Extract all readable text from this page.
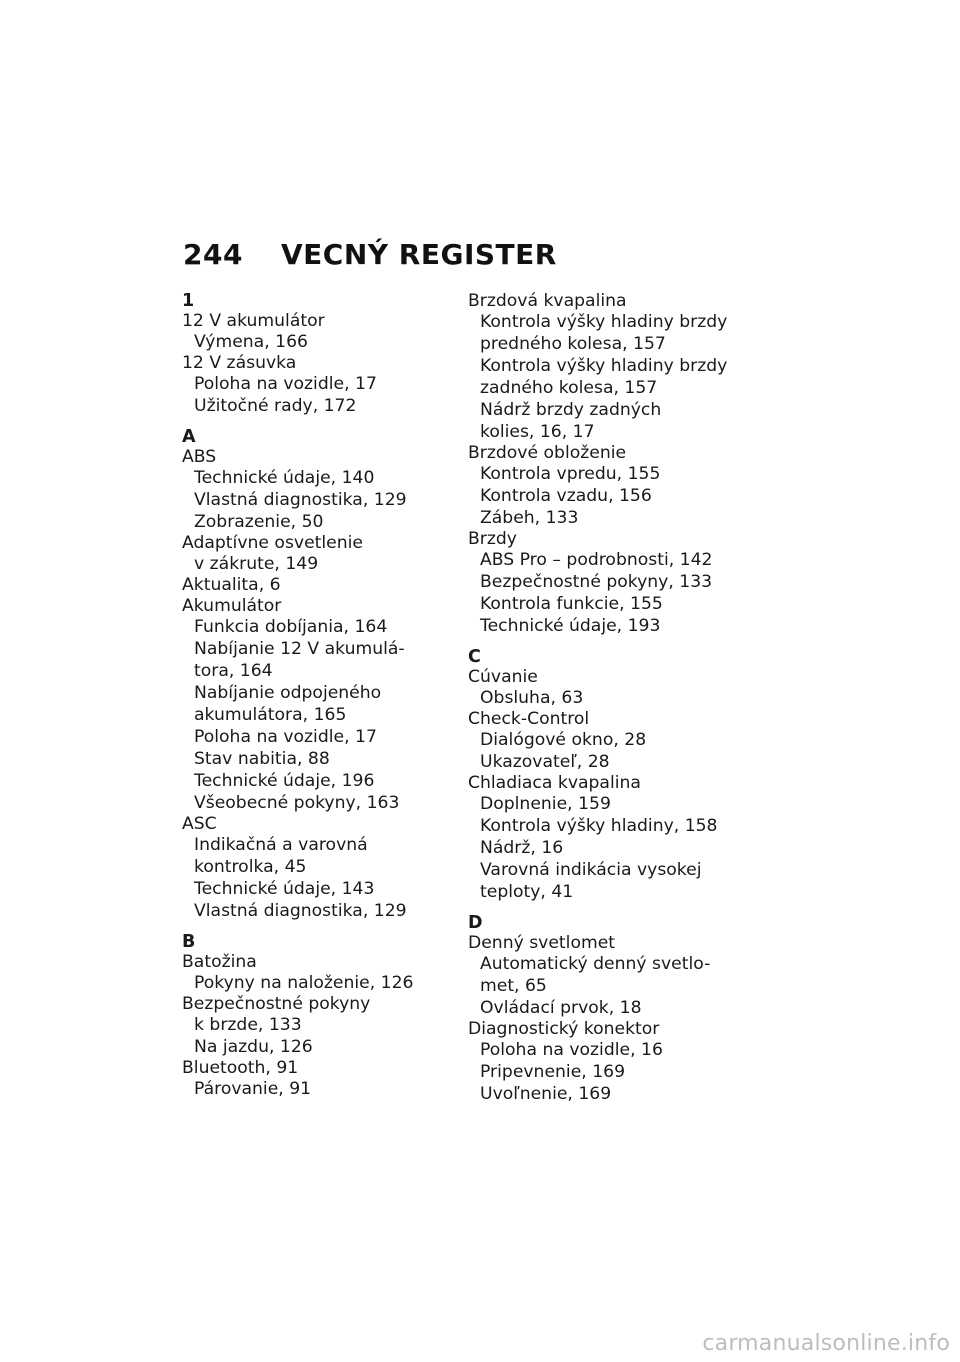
244 VECNÝ REGISTER
1
12 V akumulátor
Výmena, 166
12 V zásuvka
Poloha na vozidle, 17
Užitočné rady, 172
A
ABS
Technické údaje, 140
Vlastná diagnostika, 129
Zobrazenie, 50
Adaptívne osvetlenie
v zákrute, 149
Aktualita, 6
Akumulátor
Funkcia dobíjania, 164
Nabíjanie 12 V akumulá-
tora, 164
Nabíjanie odpojeného
akumulátora, 165
Poloha na vozidle, 17
Stav nabitia, 88
Technické údaje, 196
Všeobecné pokyny, 163
ASC
Indikačná a varovná
kontrolka, 45
Technické údaje, 143
Vlastná diagnostika, 129
B
Batožina
Pokyny na naloženie, 126
Bezpečnostné pokyny
k brzde, 133
Na jazdu, 126
Bluetooth, 91
Párovanie, 91
Brzdová kvapalina
Kontrola výšky hladiny brzdy
predného kolesa, 157
Kontrola výšky hladiny brzdy
zadného kolesa, 157
Nádrž brzdy zadných
kolies, 16, 17
Brzdové obloženie
Kontrola vpredu, 155
Kontrola vzadu, 156
Zábeh, 133
Brzdy
ABS Pro – podrobnosti, 142
Bezpečnostné pokyny, 133
Kontrola funkcie, 155
Technické údaje, 193
C
Cúvanie
Obsluha, 63
Check-Control
Dialógové okno, 28
Ukazovateľ, 28
Chladiaca kvapalina
Doplnenie, 159
Kontrola výšky hladiny, 158
Nádrž, 16
Varovná indikácia vysokej
teploty, 41
D
Denný svetlomet
Automatický denný svetlo-
met, 65
Ovládací prvok, 18
Diagnostický konektor
Poloha na vozidle, 16
Pripevnenie, 169
Uvoľnenie, 169
carmanualsonline.info
